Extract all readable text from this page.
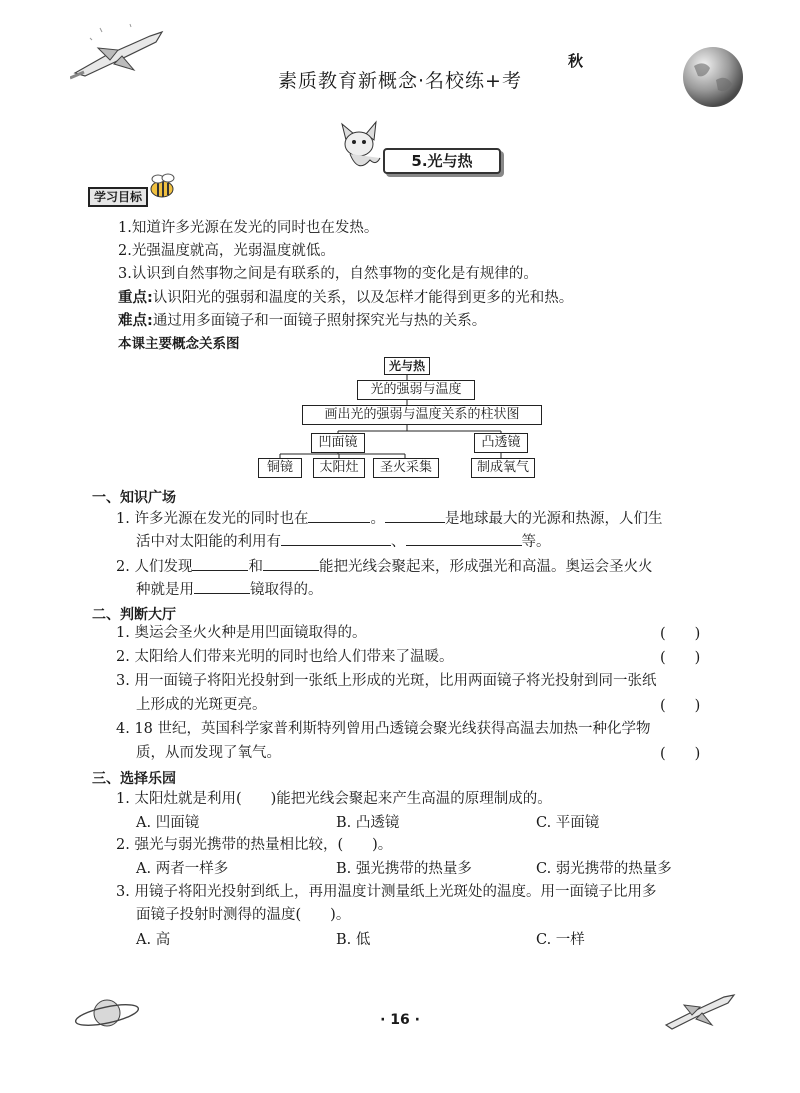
秋
素质教育新概念·名校练+考
5.光与热
学习目标
1.知道许多光源在发光的同时也在发热。
2.光强温度就高，光弱温度就低。
3.认识到自然事物之间是有联系的，自然事物的变化是有规律的。
重点:认识阳光的强弱和温度的关系，以及怎样才能得到更多的光和热。
难点:通过用多面镜子和一面镜子照射探究光与热的关系。
本课主要概念关系图
光与热
光的强弱与温度
画出光的强弱与温度关系的柱状图
凹面镜	凸透镜
铜镜	太阳灶	圣火采集	制成氧气
一、知识广场
1. 许多光源在发光的同时也在	。	是地球最大的光源和热源，人们生
活中对太阳能的利用有	、	等。
2. 人们发现	和	能把光线会聚起来，形成强光和高温。奥运会圣火火
种就是用	镜取得的。
二、判断大厅
1. 奥运会圣火火种是用凹面镜取得的。	(　　)
2. 太阳给人们带来光明的同时也给人们带来了温暖。	(　　)
3. 用一面镜子将阳光投射到一张纸上形成的光斑，比用两面镜子将光投射到同一张纸
上形成的光斑更亮。	(　　)
4. 18 世纪，英国科学家普利斯特列曾用凸透镜会聚光线获得高温去加热一种化学物
质，从而发现了氧气。	(　　)
三、选择乐园
1. 太阳灶就是利用(　　)能把光线会聚起来产生高温的原理制成的。
A. 凹面镜	B. 凸透镜	C. 平面镜
2. 强光与弱光携带的热量相比较，(　　)。
A. 两者一样多	B. 强光携带的热量多	C. 弱光携带的热量多
3. 用镜子将阳光投射到纸上，再用温度计测量纸上光斑处的温度。用一面镜子比用多
面镜子投射时测得的温度(　　)。
A. 高	B. 低	C. 一样
· 16 ·
